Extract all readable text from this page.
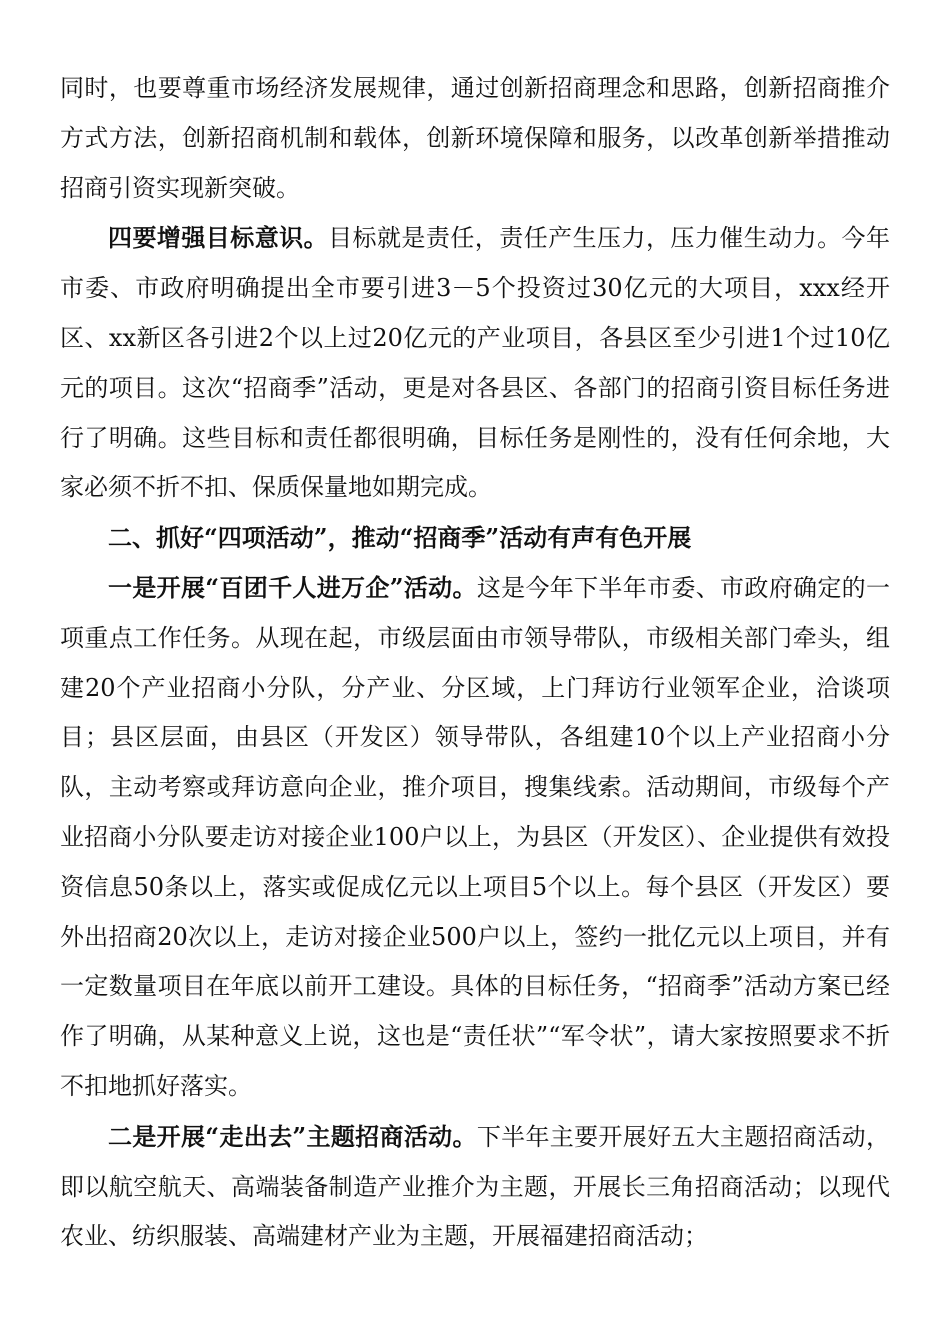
同时，也要尊重市场经济发展规律，通过创新招商理念和思路，创新招商推介方式方法，创新招商机制和载体，创新环境保障和服务，以改革创新举措推动招商引资实现新突破。

四要增强目标意识。目标就是责任，责任产生压力，压力催生动力。今年市委、市政府明确提出全市要引进3－5个投资过30亿元的大项目，xxx经开区、xx新区各引进2个以上过20亿元的产业项目，各县区至少引进1个过10亿元的项目。这次“招商季”活动，更是对各县区、各部门的招商引资目标任务进行了明确。这些目标和责任都很明确，目标任务是刚性的，没有任何余地，大家必须不折不扣、保质保量地如期完成。

二、抓好“四项活动”，推动“招商季”活动有声有色开展

一是开展“百团千人进万企”活动。这是今年下半年市委、市政府确定的一项重点工作任务。从现在起，市级层面由市领导带队，市级相关部门牵头，组建20个产业招商小分队，分产业、分区域，上门拜访行业领军企业，洽谈项目；县区层面，由县区（开发区）领导带队，各组建10个以上产业招商小分队，主动考察或拜访意向企业，推介项目，搜集线索。活动期间，市级每个产业招商小分队要走访对接企业100户以上，为县区（开发区）、企业提供有效投资信息50条以上，落实或促成亿元以上项目5个以上。每个县区（开发区）要外出招商20次以上，走访对接企业500户以上，签约一批亿元以上项目，并有一定数量项目在年底以前开工建设。具体的目标任务，“招商季”活动方案已经作了明确，从某种意义上说，这也是“责任状”“军令状”，请大家按照要求不折不扣地抓好落实。

二是开展“走出去”主题招商活动。下半年主要开展好五大主题招商活动，即以航空航天、高端装备制造产业推介为主题，开展长三角招商活动；以现代农业、纺织服装、高端建材产业为主题，开展福建招商活动；
